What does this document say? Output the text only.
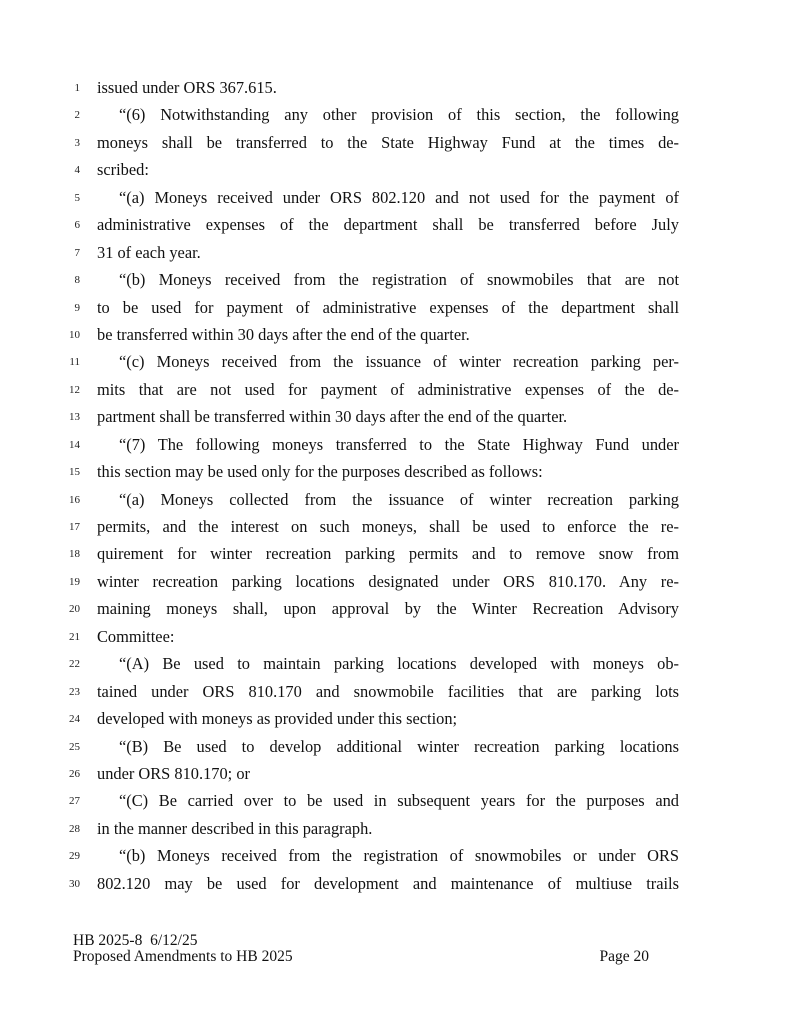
1 issued under ORS 367.615.
2	“(6) Notwithstanding any other provision of this section, the following
3 moneys shall be transferred to the State Highway Fund at the times de-
4 scribed:
5	“(a) Moneys received under ORS 802.120 and not used for the payment of
6 administrative expenses of the department shall be transferred before July
7 31 of each year.
8	“(b) Moneys received from the registration of snowmobiles that are not
9 to be used for payment of administrative expenses of the department shall
10 be transferred within 30 days after the end of the quarter.
11	“(c) Moneys received from the issuance of winter recreation parking per-
12 mits that are not used for payment of administrative expenses of the de-
13 partment shall be transferred within 30 days after the end of the quarter.
14	“(7) The following moneys transferred to the State Highway Fund under
15 this section may be used only for the purposes described as follows:
16	“(a) Moneys collected from the issuance of winter recreation parking
17 permits, and the interest on such moneys, shall be used to enforce the re-
18 quirement for winter recreation parking permits and to remove snow from
19 winter recreation parking locations designated under ORS 810.170. Any re-
20 maining moneys shall, upon approval by the Winter Recreation Advisory
21 Committee:
22	“(A) Be used to maintain parking locations developed with moneys ob-
23 tained under ORS 810.170 and snowmobile facilities that are parking lots
24 developed with moneys as provided under this section;
25	“(B) Be used to develop additional winter recreation parking locations
26 under ORS 810.170; or
27	“(C) Be carried over to be used in subsequent years for the purposes and
28 in the manner described in this paragraph.
29	“(b) Moneys received from the registration of snowmobiles or under ORS
30 802.120 may be used for development and maintenance of multiuse trails
HB 2025-8 6/12/25
Proposed Amendments to HB 2025	Page 20
